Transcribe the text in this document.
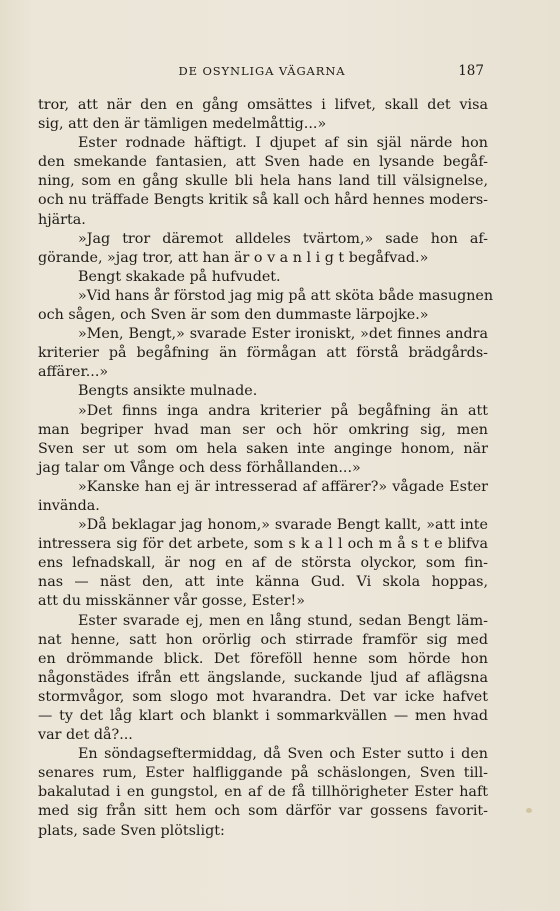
DE OSYNLIGA VÄGARNA	187
tror, att när den en gång omsättes i lifvet, skall det visa
sig, att den är tämligen medelmåttig...»
Ester rodnade häftigt. I djupet af sin själ närde hon
den smekande fantasien, att Sven hade en lysande begåf-
ning, som en gång skulle bli hela hans land till välsignelse,
och nu träffade Bengts kritik så kall och hård hennes moders-
hjärta.
»Jag tror däremot alldeles tvärtom,» sade hon af-
görande, »jag tror, att han är o v a n l i g t begåfvad.»
Bengt skakade på hufvudet.
»Vid hans år förstod jag mig på att sköta både masugnen
och sågen, och Sven är som den dummaste lärpojke.»
»Men, Bengt,» svarade Ester ironiskt, »det finnes andra
kriterier på begåfning än förmågan att förstå brädgårds-
affärer...»
Bengts ansikte mulnade.
»Det finns inga andra kriterier på begåfning än att
man begriper hvad man ser och hör omkring sig, men
Sven ser ut som om hela saken inte anginge honom, när
jag talar om Vånge och dess förhållanden...»
»Kanske han ej är intresserad af affärer?» vågade Ester
invända.
»Då beklagar jag honom,» svarade Bengt kallt, »att inte
intressera sig för det arbete, som s k a l l och m å s t e blifva
ens lefnadskall, är nog en af de största olyckor, som fin-
nas — näst den, att inte känna Gud. Vi skola hoppas,
att du misskänner vår gosse, Ester!»
Ester svarade ej, men en lång stund, sedan Bengt läm-
nat henne, satt hon orörlig och stirrade framför sig med
en drömmande blick. Det föreföll henne som hörde hon
någonstädes ifrån ett ängslande, suckande ljud af aflägsna
stormvågor, som slogo mot hvarandra. Det var icke hafvet
— ty det låg klart och blankt i sommarkvällen — men hvad
var det då?...
En söndagseftermiddag, då Sven och Ester sutto i den
senares rum, Ester halfliggande på schäslongen, Sven till-
bakalutad i en gungstol, en af de få tillhörigheter Ester haft
med sig från sitt hem och som därför var gossens favorit-
plats, sade Sven plötsligt:
